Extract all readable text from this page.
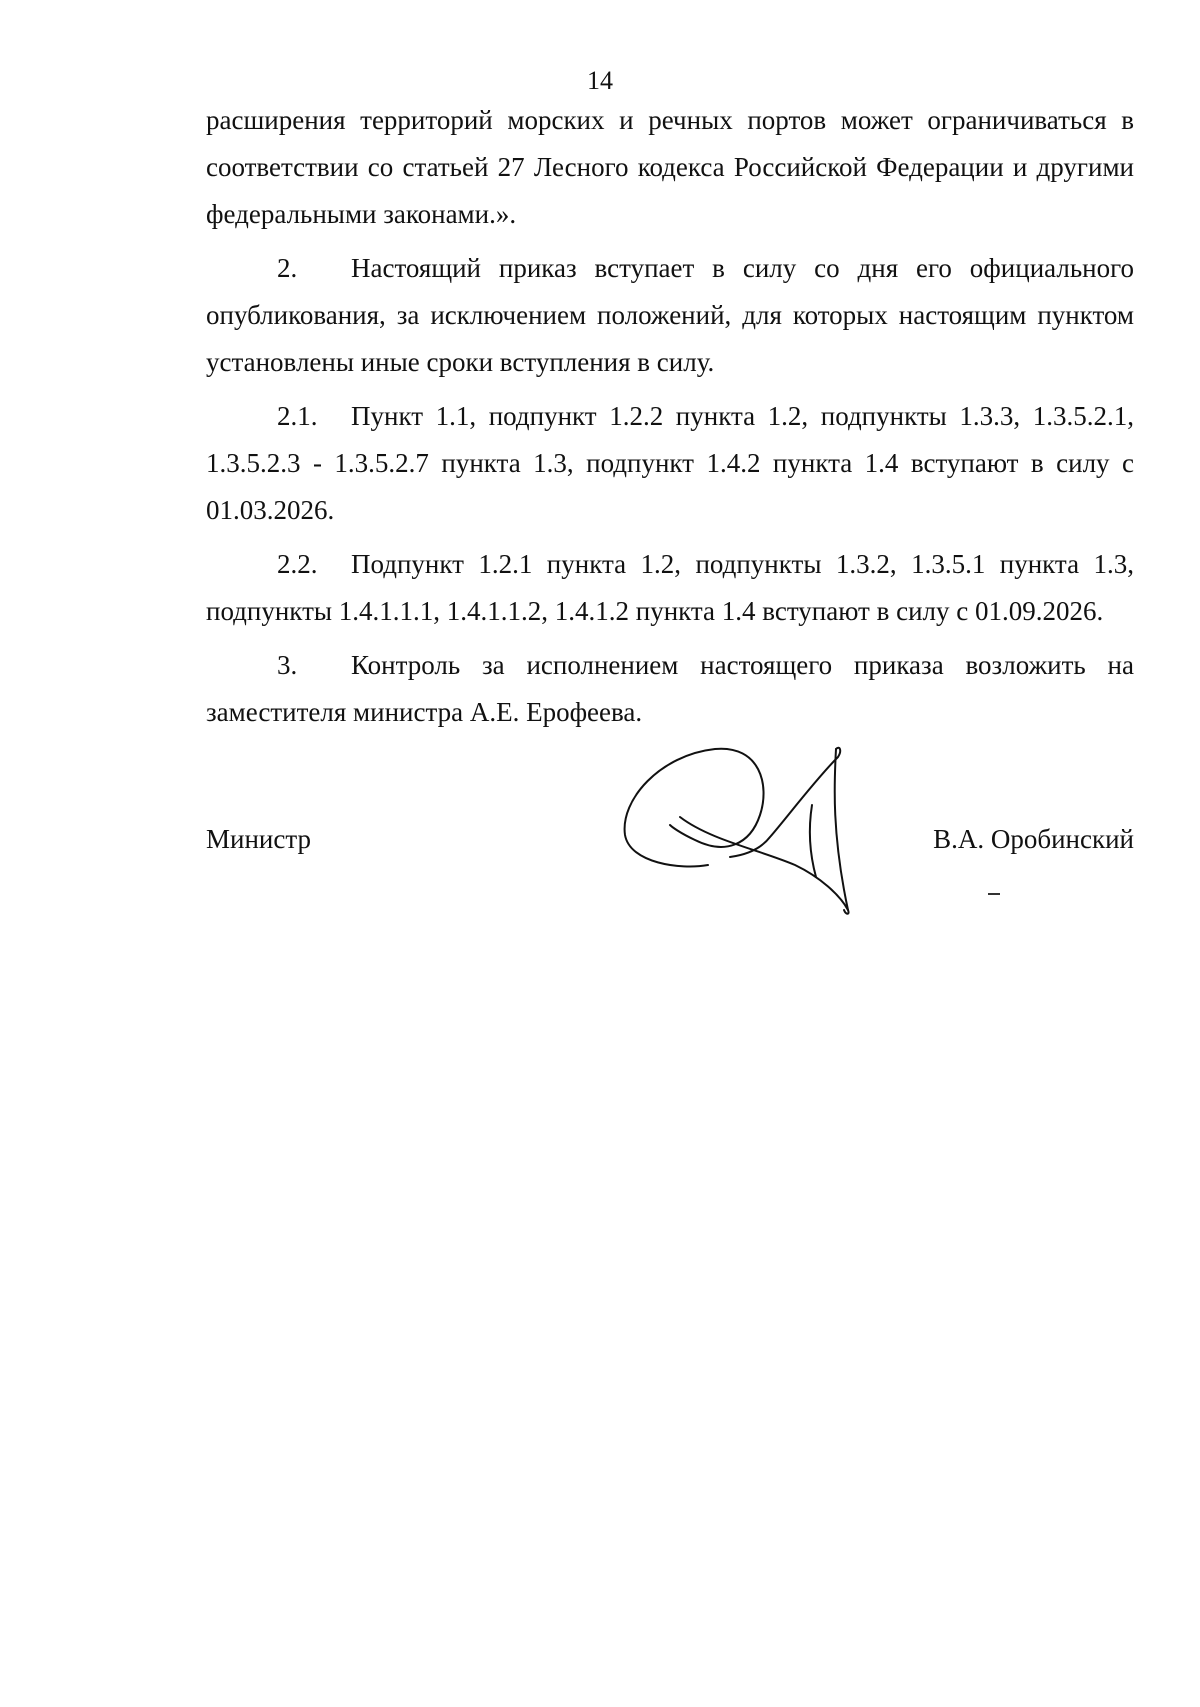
14

расширения территорий морских и речных портов может ограничиваться в соответствии со статьей 27 Лесного кодекса Российской Федерации и другими федеральными законами.».

2. Настоящий приказ вступает в силу со дня его официального опубликования, за исключением положений, для которых настоящим пунктом установлены иные сроки вступления в силу.

2.1. Пункт 1.1, подпункт 1.2.2 пункта 1.2, подпункты 1.3.3, 1.3.5.2.1, 1.3.5.2.3 - 1.3.5.2.7 пункта 1.3, подпункт 1.4.2 пункта 1.4 вступают в силу с 01.03.2026.

2.2. Подпункт 1.2.1 пункта 1.2, подпункты 1.3.2, 1.3.5.1 пункта 1.3, подпункты 1.4.1.1.1, 1.4.1.1.2, 1.4.1.2 пункта 1.4 вступают в силу с 01.09.2026.

3. Контроль за исполнением настоящего приказа возложить на заместителя министра А.Е. Ерофеева.

Министр	В.А. Оробинский
